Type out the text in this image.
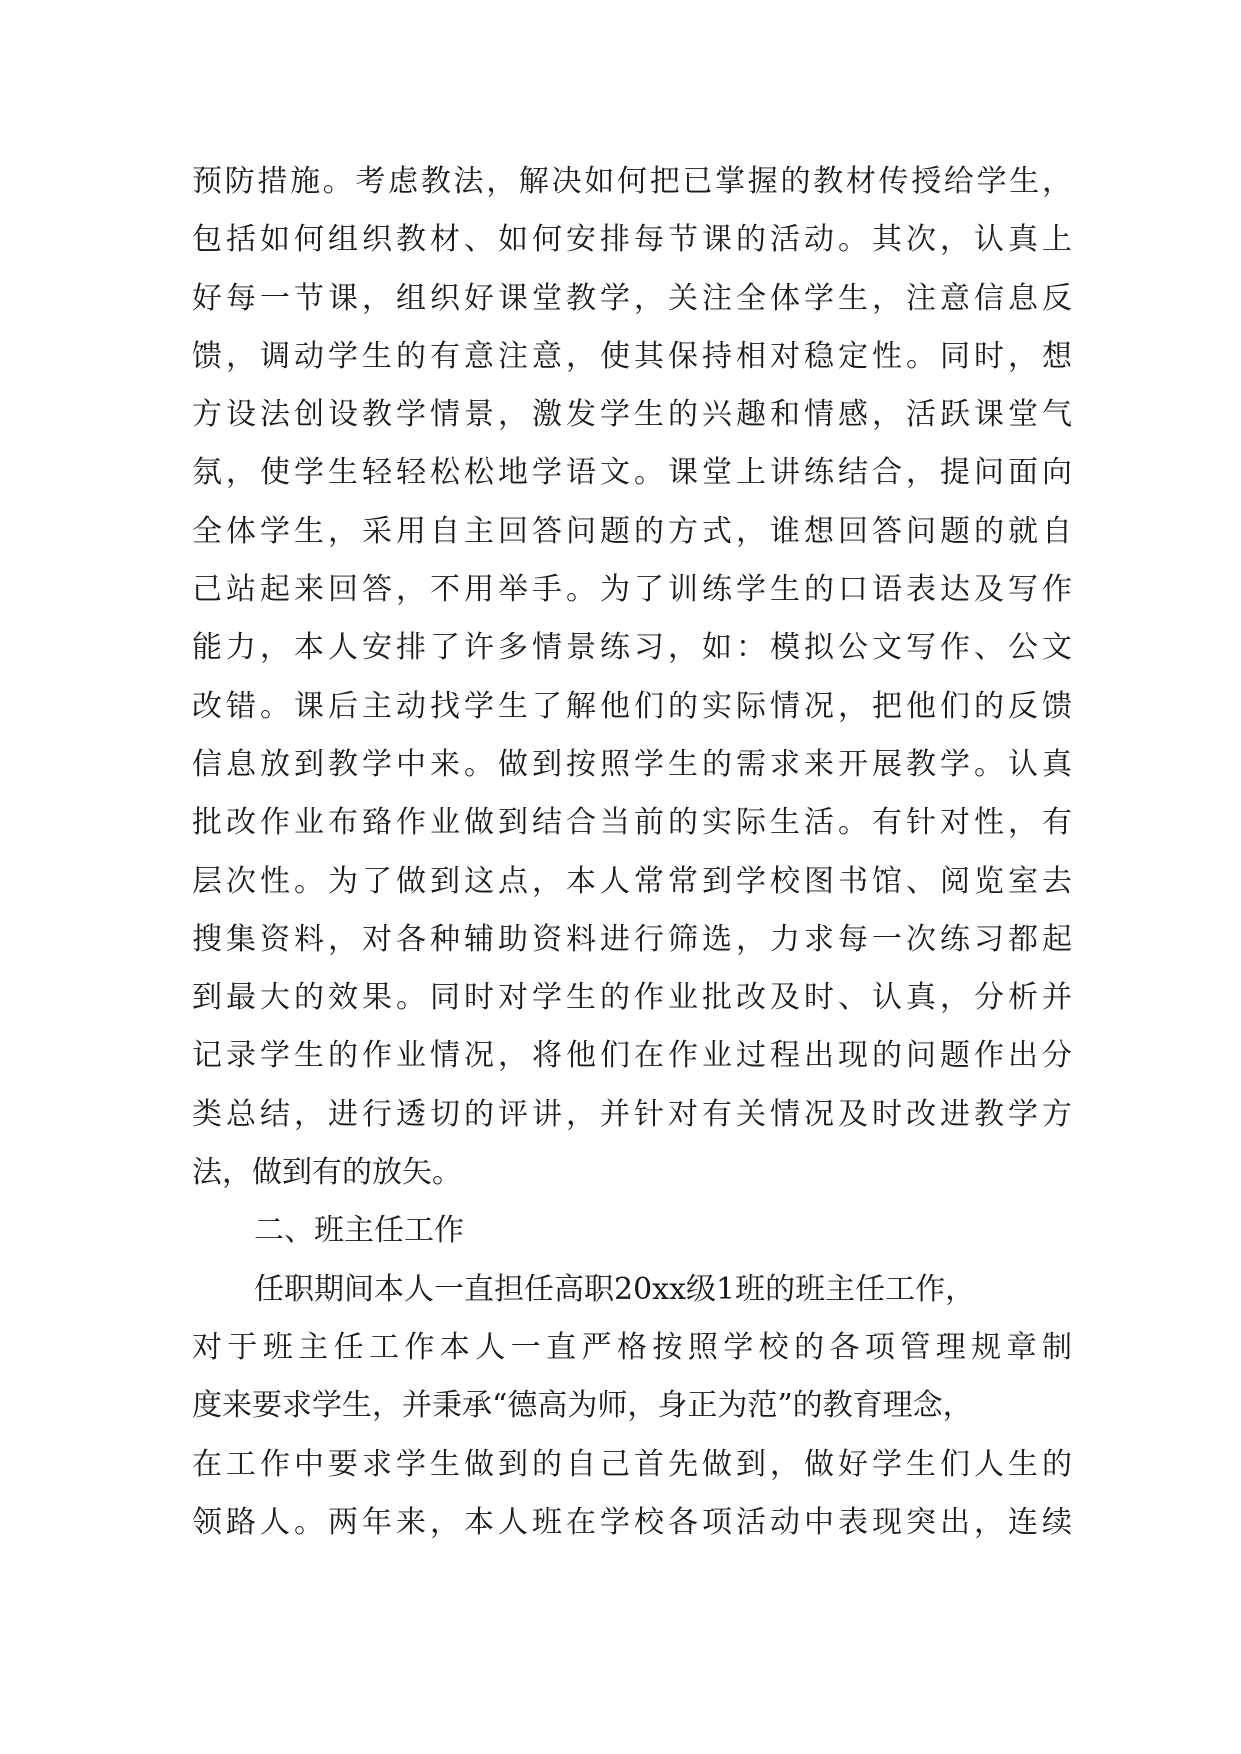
预防措施。考虑教法，解决如何把已掌握的教材传授给学生，
包括如何组织教材、如何安排每节课的活动。其次，认真上
好每一节课，组织好课堂教学，关注全体学生，注意信息反
馈，调动学生的有意注意，使其保持相对稳定性。同时，想
方设法创设教学情景，激发学生的兴趣和情感，活跃课堂气
氛，使学生轻轻松松地学语文。课堂上讲练结合，提问面向
全体学生，采用自主回答问题的方式，谁想回答问题的就自
己站起来回答，不用举手。为了训练学生的口语表达及写作
能力，本人安排了许多情景练习，如：模拟公文写作、公文
改错。课后主动找学生了解他们的实际情况，把他们的反馈
信息放到教学中来。做到按照学生的需求来开展教学。认真
批改作业布臵作业做到结合当前的实际生活。有针对性，有
层次性。为了做到这点，本人常常到学校图书馆、阅览室去
搜集资料，对各种辅助资料进行筛选，力求每一次练习都起
到最大的效果。同时对学生的作业批改及时、认真，分析并
记录学生的作业情况，将他们在作业过程出现的问题作出分
类总结，进行透切的评讲，并针对有关情况及时改进教学方
法，做到有的放矢。
二、班主任工作
任职期间本人一直担任高职20xx级1班的班主任工作，
对于班主任工作本人一直严格按照学校的各项管理规章制
度来要求学生，并秉承“德高为师，身正为范”的教育理念，
在工作中要求学生做到的自己首先做到，做好学生们人生的
领路人。两年来，本人班在学校各项活动中表现突出，连续
